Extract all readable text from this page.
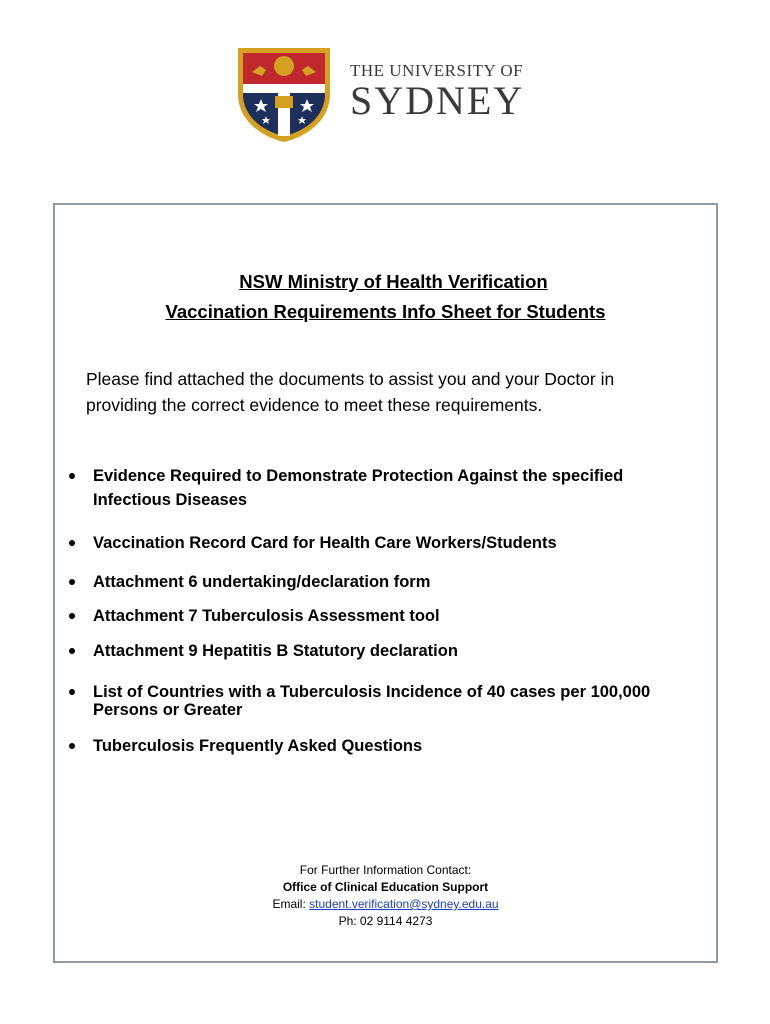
THE UNIVERSITY OF
SYDNEY
NSW Ministry of Health Verification
Vaccination Requirements Info Sheet for Students
Please find attached the documents to assist you and your Doctor in providing the correct evidence to meet these requirements.
Evidence Required to Demonstrate Protection Against the specified Infectious Diseases
Vaccination Record Card for Health Care Workers/Students
Attachment 6 undertaking/declaration form
Attachment 7 Tuberculosis Assessment tool
Attachment 9 Hepatitis B Statutory declaration
List of Countries with a Tuberculosis Incidence of 40 cases per 100,000 Persons or Greater
Tuberculosis Frequently Asked Questions
For Further Information Contact:
Office of Clinical Education Support
Email: student.verification@sydney.edu.au
Ph: 02 9114 4273
